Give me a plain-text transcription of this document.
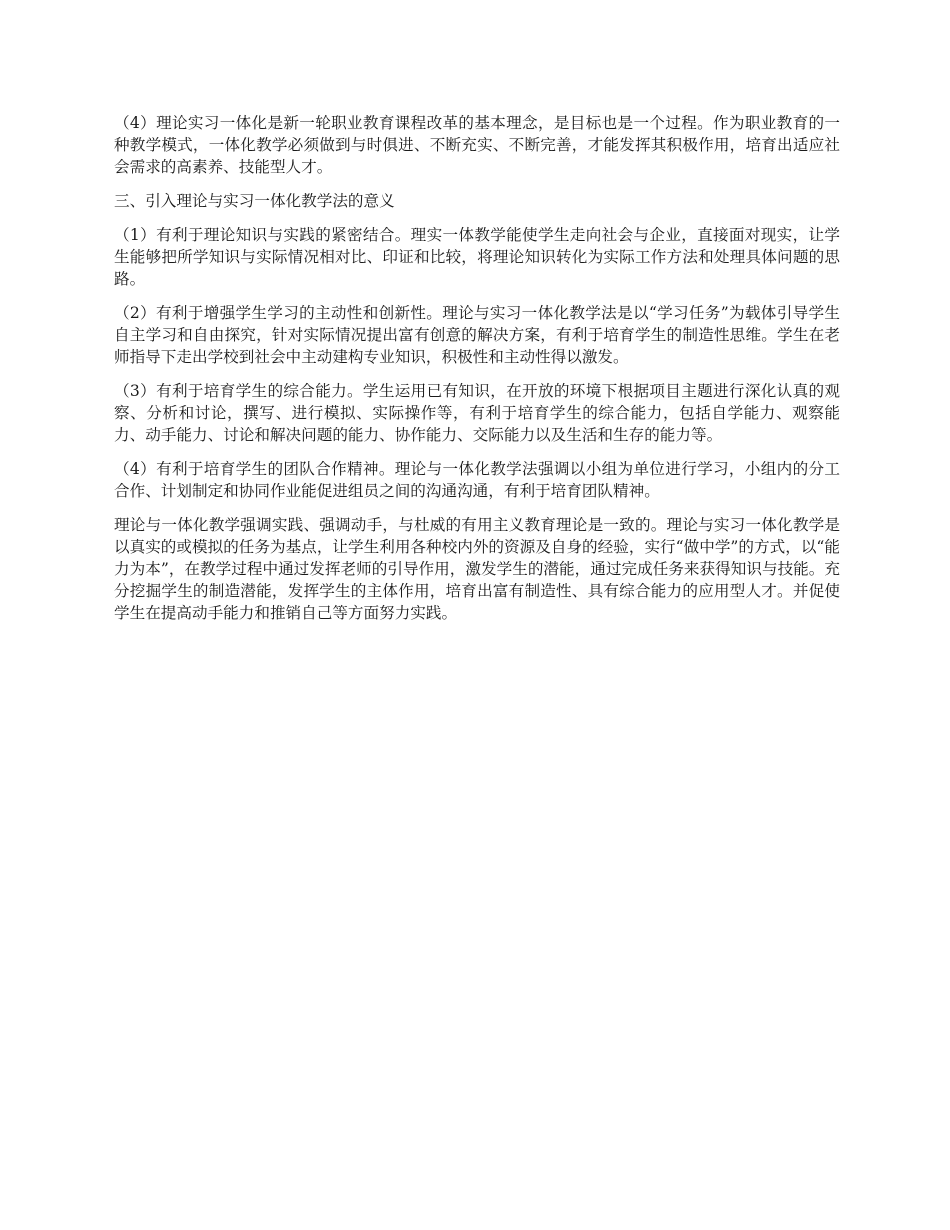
（4）理论实习一体化是新一轮职业教育课程改革的基本理念，是目标也是一个过程。作为职业教育的一种教学模式，一体化教学必须做到与时俱进、不断充实、不断完善，才能发挥其积极作用，培育出适应社会需求的高素养、技能型人才。

三、引入理论与实习一体化教学法的意义

（1）有利于理论知识与实践的紧密结合。理实一体教学能使学生走向社会与企业，直接面对现实，让学生能够把所学知识与实际情况相对比、印证和比较，将理论知识转化为实际工作方法和处理具体问题的思路。

（2）有利于增强学生学习的主动性和创新性。理论与实习一体化教学法是以“学习任务”为载体引导学生自主学习和自由探究，针对实际情况提出富有创意的解决方案，有利于培育学生的制造性思维。学生在老师指导下走出学校到社会中主动建构专业知识，积极性和主动性得以激发。

（3）有利于培育学生的综合能力。学生运用已有知识，在开放的环境下根据项目主题进行深化认真的观察、分析和讨论，撰写、进行模拟、实际操作等，有利于培育学生的综合能力，包括自学能力、观察能力、动手能力、讨论和解决问题的能力、协作能力、交际能力以及生活和生存的能力等。

（4）有利于培育学生的团队合作精神。理论与一体化教学法强调以小组为单位进行学习，小组内的分工合作、计划制定和协同作业能促进组员之间的沟通沟通，有利于培育团队精神。

理论与一体化教学强调实践、强调动手，与杜威的有用主义教育理论是一致的。理论与实习一体化教学是以真实的或模拟的任务为基点，让学生利用各种校内外的资源及自身的经验，实行“做中学”的方式，以“能力为本”，在教学过程中通过发挥老师的引导作用，激发学生的潜能，通过完成任务来获得知识与技能。充分挖掘学生的制造潜能，发挥学生的主体作用，培育出富有制造性、具有综合能力的应用型人才。并促使学生在提高动手能力和推销自己等方面努力实践。
